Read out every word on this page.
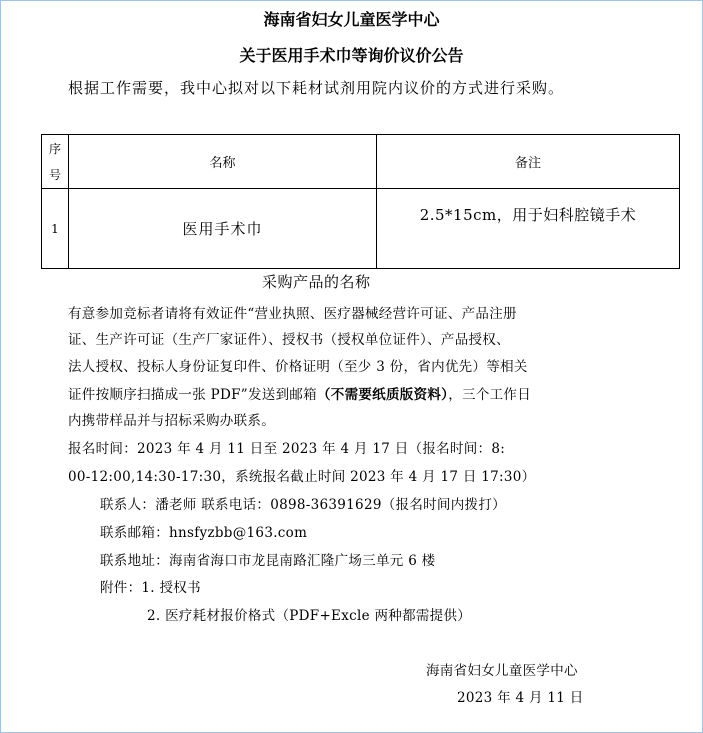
海南省妇女儿童医学中心
关于医用手术巾等询价议价公告
根据工作需要，我中心拟对以下耗材试剂用院内议价的方式进行采购。
序
号	名称	备注
1	医用手术巾	2.5*15cm，用于妇科腔镜手术
采购产品的名称
有意参加竞标者请将有效证件“营业执照、医疗器械经营许可证、产品注册
证、生产许可证（生产厂家证件）、授权书（授权单位证件）、产品授权、
法人授权、投标人身份证复印件、价格证明（至少 3 份，省内优先）等相关
证件按顺序扫描成一张 PDF”发送到邮箱（不需要纸质版资料），三个工作日
内携带样品并与招标采购办联系。
报名时间：2023 年 4 月 11 日至 2023 年 4 月 17 日（报名时间：8:
00-12:00,14:30-17:30，系统报名截止时间 2023 年 4 月 17 日 17:30）
联系人：潘老师 联系电话：0898-36391629（报名时间内拨打）
联系邮箱：hnsfyzbb@163.com
联系地址：海南省海口市龙昆南路汇隆广场三单元 6 楼
附件：1. 授权书
2. 医疗耗材报价格式（PDF+Excle 两种都需提供）
海南省妇女儿童医学中心
2023 年 4 月 11 日
